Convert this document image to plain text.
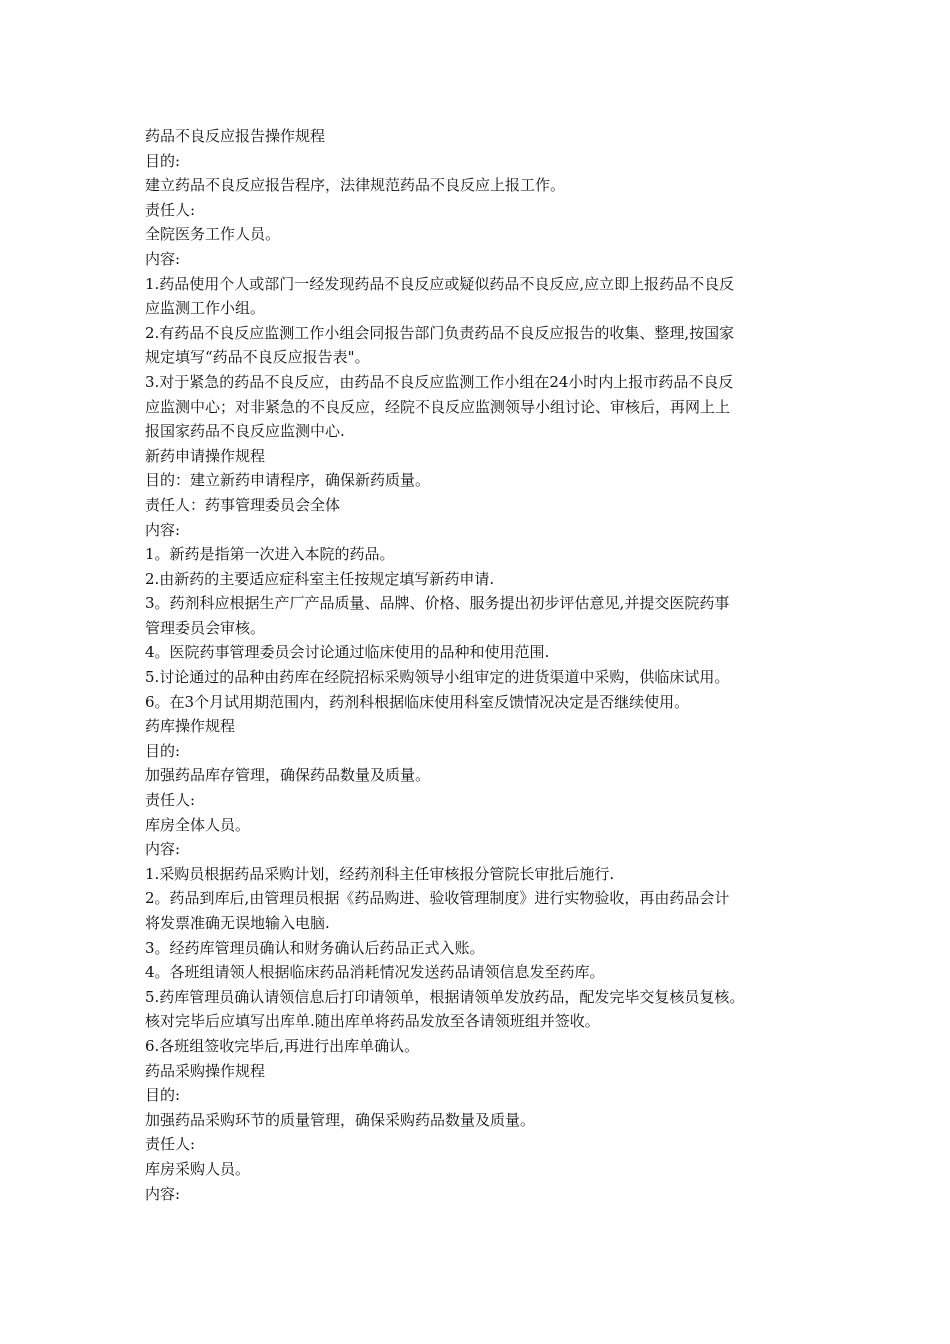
药品不良反应报告操作规程
目的:
建立药品不良反应报告程序，法律规范药品不良反应上报工作。
责任人:
全院医务工作人员。
内容:
1.药品使用个人或部门一经发现药品不良反应或疑似药品不良反应,应立即上报药品不良反
应监测工作小组。
2.有药品不良反应监测工作小组会同报告部门负责药品不良反应报告的收集、整理,按国家
规定填写“药品不良反应报告表"。
3.对于紧急的药品不良反应，由药品不良反应监测工作小组在24小时内上报市药品不良反
应监测中心；对非紧急的不良反应，经院不良反应监测领导小组讨论、审核后，再网上上
报国家药品不良反应监测中心.
新药申请操作规程
目的：建立新药申请程序，确保新药质量。
责任人：药事管理委员会全体
内容:
1。新药是指第一次进入本院的药品。
2.由新药的主要适应症科室主任按规定填写新药申请.
3。药剂科应根据生产厂产品质量、品牌、价格、服务提出初步评估意见,并提交医院药事
管理委员会审核。
4。医院药事管理委员会讨论通过临床使用的品种和使用范围.
5.讨论通过的品种由药库在经院招标采购领导小组审定的进货渠道中采购，供临床试用。
6。在3个月试用期范围内，药剂科根据临床使用科室反馈情况决定是否继续使用。
药库操作规程
目的:
加强药品库存管理，确保药品数量及质量。
责任人:
库房全体人员。
内容:
1.采购员根据药品采购计划，经药剂科主任审核报分管院长审批后施行.
2。药品到库后,由管理员根据《药品购进、验收管理制度》进行实物验收，再由药品会计
将发票准确无误地输入电脑.
3。经药库管理员确认和财务确认后药品正式入账。
4。各班组请领人根据临床药品消耗情况发送药品请领信息发至药库。
5.药库管理员确认请领信息后打印请领单，根据请领单发放药品，配发完毕交复核员复核。
核对完毕后应填写出库单.随出库单将药品发放至各请领班组并签收。
6.各班组签收完毕后,再进行出库单确认。
药品采购操作规程
目的:
加强药品采购环节的质量管理，确保采购药品数量及质量。
责任人:
库房采购人员。
内容:
